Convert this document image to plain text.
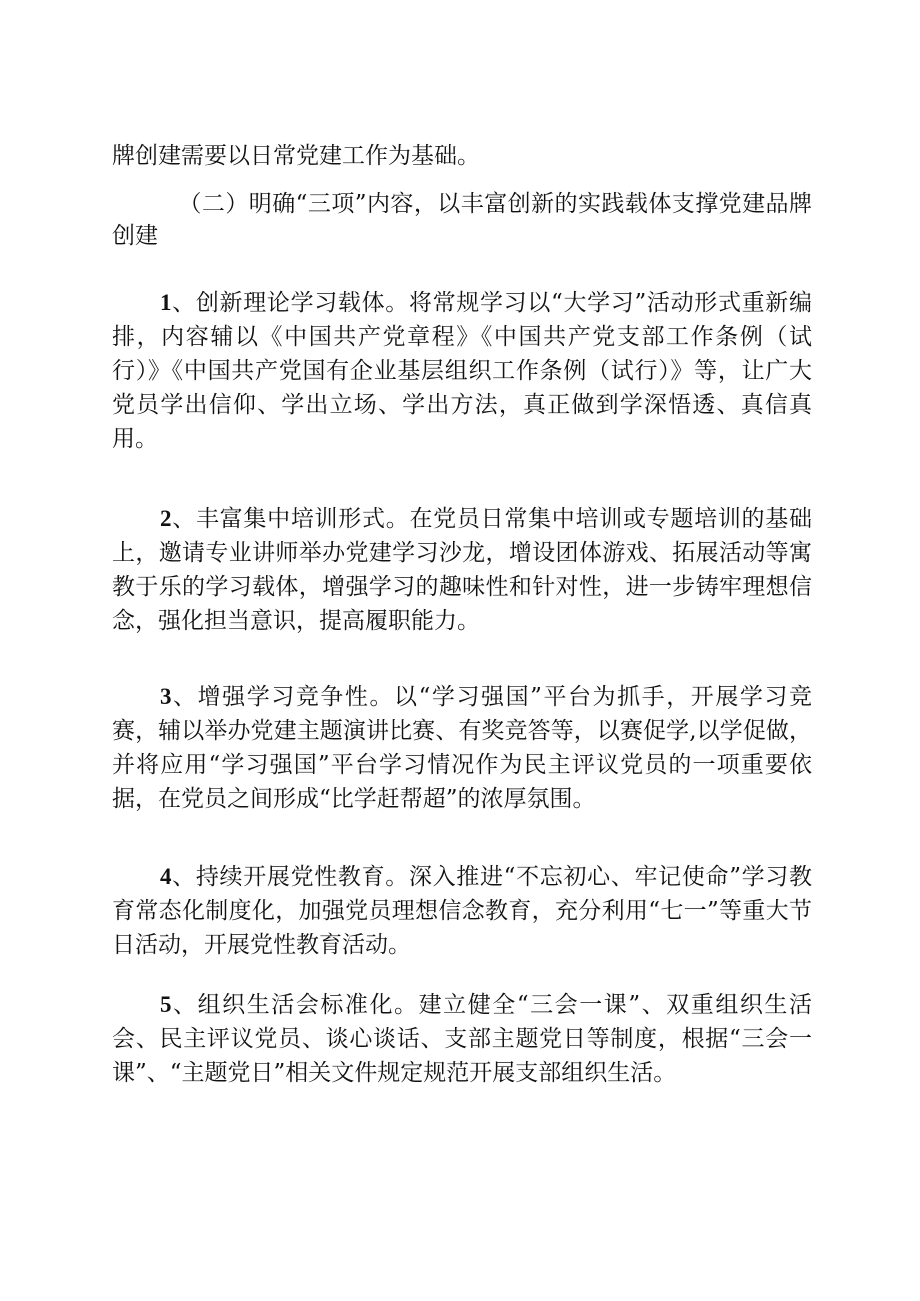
牌创建需要以日常党建工作为基础。
（二）明确“三项”内容，以丰富创新的实践载体支撑党建品牌创建
1、创新理论学习载体。将常规学习以“大学习”活动形式重新编排，内容辅以《中国共产党章程》《中国共产党支部工作条例（试行）》《中国共产党国有企业基层组织工作条例（试行）》等，让广大党员学出信仰、学出立场、学出方法，真正做到学深悟透、真信真用。
2、丰富集中培训形式。在党员日常集中培训或专题培训的基础上，邀请专业讲师举办党建学习沙龙，增设团体游戏、拓展活动等寓教于乐的学习载体，增强学习的趣味性和针对性，进一步铸牢理想信念，强化担当意识，提高履职能力。
3、增强学习竞争性。以“学习强国”平台为抓手，开展学习竞赛，辅以举办党建主题演讲比赛、有奖竞答等，以赛促学,以学促做，并将应用“学习强国”平台学习情况作为民主评议党员的一项重要依据，在党员之间形成“比学赶帮超”的浓厚氛围。
4、持续开展党性教育。深入推进“不忘初心、牢记使命”学习教育常态化制度化，加强党员理想信念教育，充分利用“七一”等重大节日活动，开展党性教育活动。
5、组织生活会标准化。建立健全“三会一课”、双重组织生活会、民主评议党员、谈心谈话、支部主题党日等制度，根据“三会一课”、“主题党日”相关文件规定规范开展支部组织生活。
